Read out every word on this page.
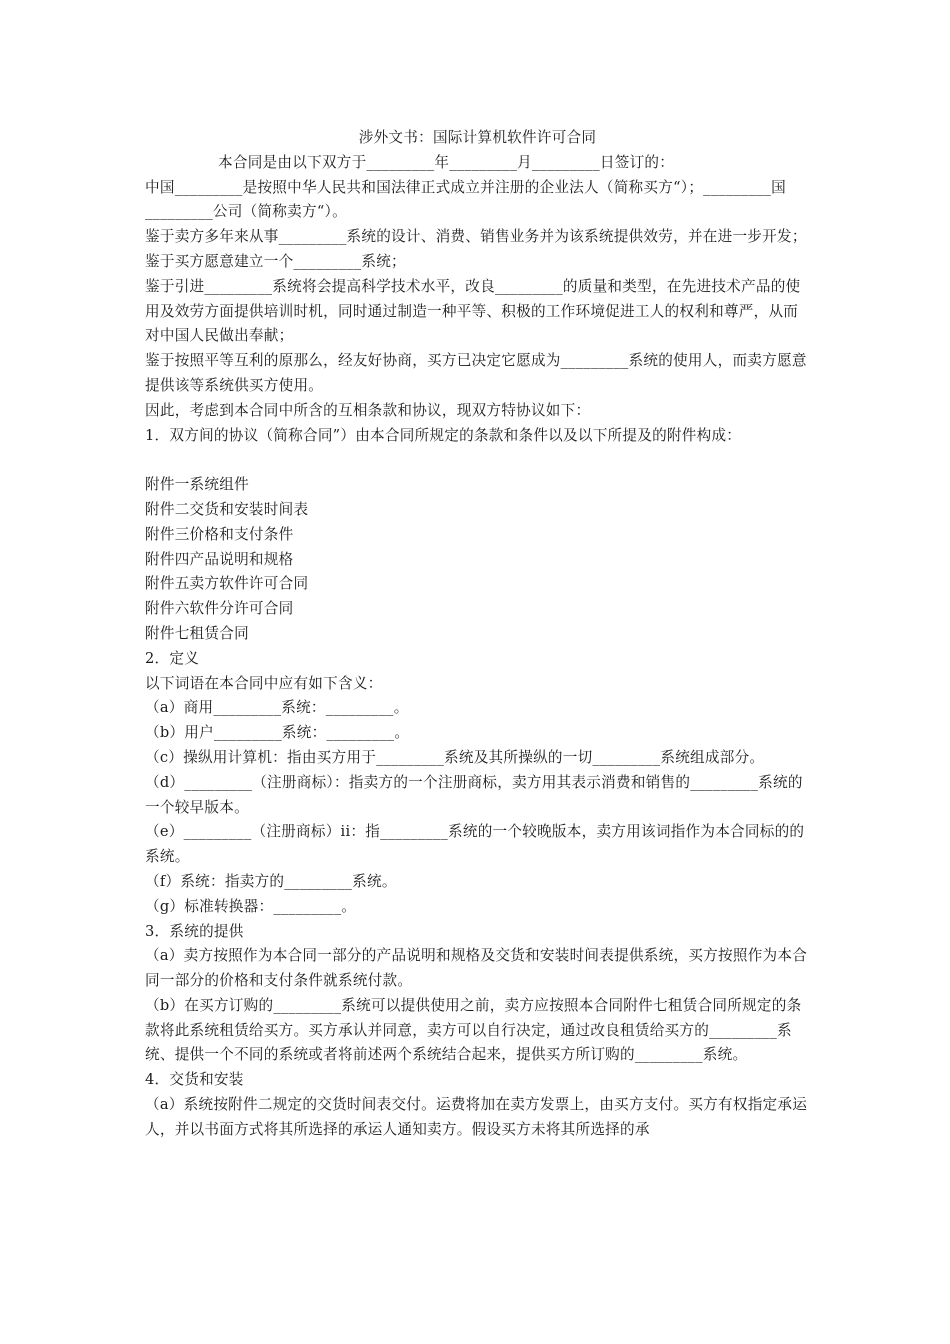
涉外文书：国际计算机软件许可合同

本合同是由以下双方于_________年_________月_________日签订的：

中国_________是按照中华人民共和国法律正式成立并注册的企业法人（简称买方“）；_________国_________公司（简称卖方“）。

鉴于卖方多年来从事_________系统的设计、消费、销售业务并为该系统提供效劳，并在进一步开发；

鉴于买方愿意建立一个_________系统；

鉴于引进_________系统将会提高科学技术水平，改良_________的质量和类型，在先进技术产品的使用及效劳方面提供培训时机，同时通过制造一种平等、积极的工作环境促进工人的权利和尊严，从而对中国人民做出奉献；

鉴于按照平等互利的原那么，经友好协商，买方已决定它愿成为_________系统的使用人，而卖方愿意提供该等系统供买方使用。

因此，考虑到本合同中所含的互相条款和协议，现双方特协议如下：

1．双方间的协议（简称合同”）由本合同所规定的条款和条件以及以下所提及的附件构成：

附件一系统组件

附件二交货和安装时间表

附件三价格和支付条件

附件四产品说明和规格

附件五卖方软件许可合同

附件六软件分许可合同

附件七租赁合同

2．定义

以下词语在本合同中应有如下含义：

（a）商用_________系统：_________。

（b）用户_________系统：_________。

（c）操纵用计算机：指由买方用于_________系统及其所操纵的一切_________系统组成部分。

（d）_________（注册商标）：指卖方的一个注册商标，卖方用其表示消费和销售的_________系统的一个较早版本。

（e）_________（注册商标）ii：指_________系统的一个较晚版本，卖方用该词指作为本合同标的的系统。

（f）系统：指卖方的_________系统。

（g）标准转换器：_________。

3．系统的提供

（a）卖方按照作为本合同一部分的产品说明和规格及交货和安装时间表提供系统，买方按照作为本合同一部分的价格和支付条件就系统付款。

（b）在买方订购的_________系统可以提供使用之前，卖方应按照本合同附件七租赁合同所规定的条款将此系统租赁给买方。买方承认并同意，卖方可以自行决定，通过改良租赁给买方的_________系统、提供一个不同的系统或者将前述两个系统结合起来，提供买方所订购的_________系统。

4．交货和安装

（a）系统按附件二规定的交货时间表交付。运费将加在卖方发票上，由买方支付。买方有权指定承运人，并以书面方式将其所选择的承运人通知卖方。假设买方未将其所选择的承
